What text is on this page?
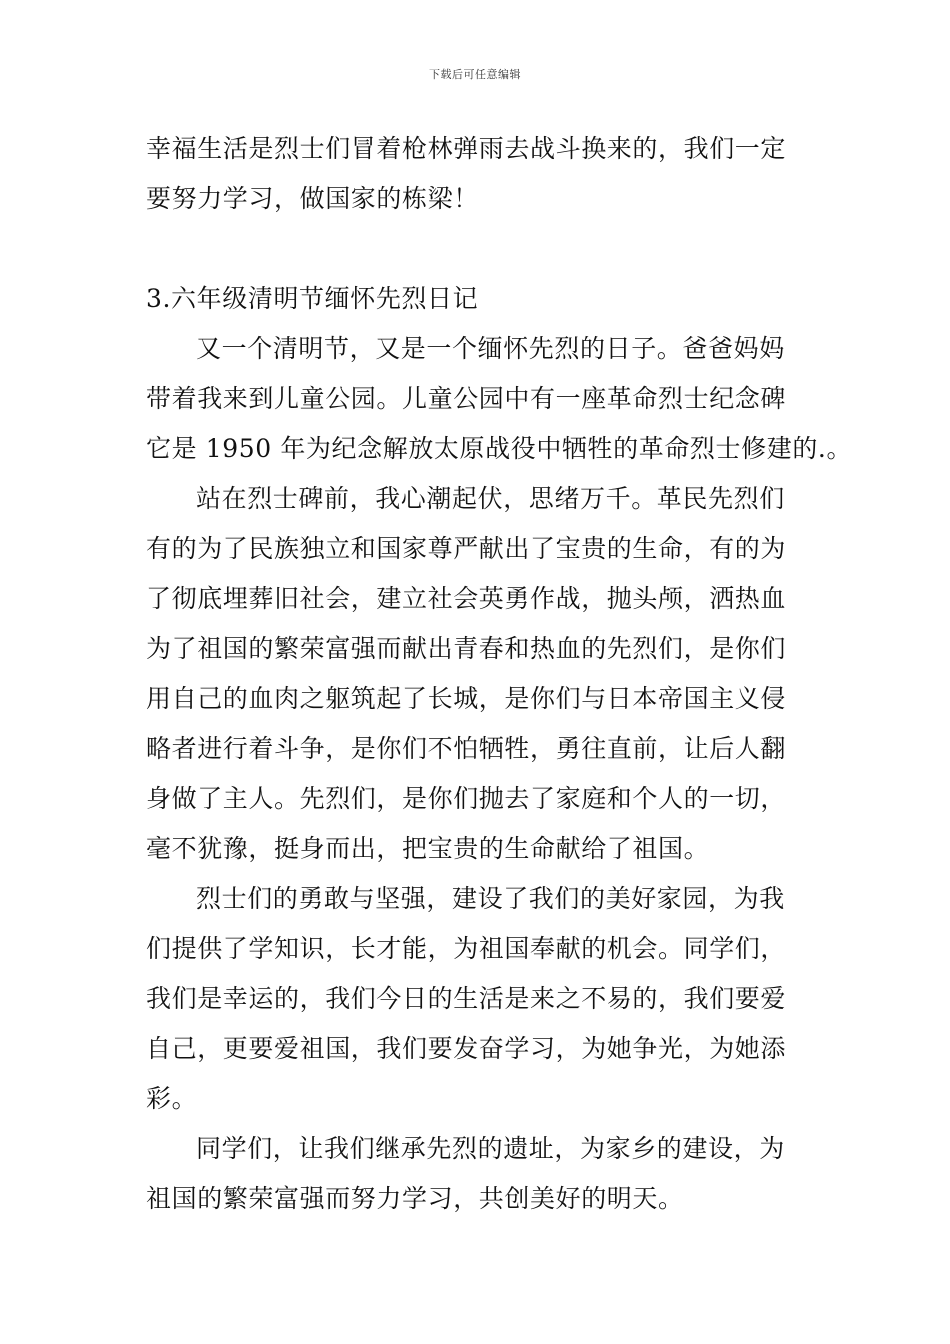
下载后可任意编辑
幸福生活是烈士们冒着枪林弹雨去战斗换来的，我们一定
要努力学习，做国家的栋梁！
3.六年级清明节缅怀先烈日记
又一个清明节，又是一个缅怀先烈的日子。爸爸妈妈
带着我来到儿童公园。儿童公园中有一座革命烈士纪念碑
它是 1950 年为纪念解放太原战役中牺牲的革命烈士修建的.。
站在烈士碑前，我心潮起伏，思绪万千。革民先烈们
有的为了民族独立和国家尊严献出了宝贵的生命，有的为
了彻底埋葬旧社会，建立社会英勇作战，抛头颅，洒热血
为了祖国的繁荣富强而献出青春和热血的先烈们，是你们
用自己的血肉之躯筑起了长城，是你们与日本帝国主义侵
略者进行着斗争，是你们不怕牺牲，勇往直前，让后人翻
身做了主人。先烈们，是你们抛去了家庭和个人的一切，
毫不犹豫，挺身而出，把宝贵的生命献给了祖国。
烈士们的勇敢与坚强，建设了我们的美好家园，为我
们提供了学知识，长才能，为祖国奉献的机会。同学们，
我们是幸运的，我们今日的生活是来之不易的，我们要爱
自己，更要爱祖国，我们要发奋学习，为她争光，为她添
彩。
同学们，让我们继承先烈的遗址，为家乡的建设，为
祖国的繁荣富强而努力学习，共创美好的明天。
